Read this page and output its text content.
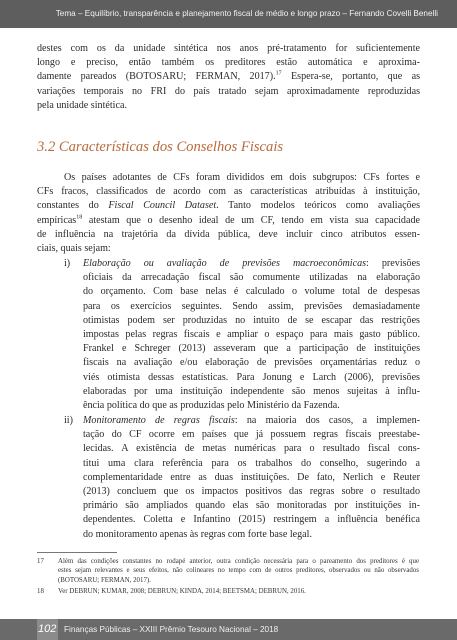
Tema – Equilíbrio, transparência e planejamento fiscal de médio e longo prazo – Fernando Covelli Benelli
destes com os da unidade sintética nos anos pré-tratamento for suficientemente
longo e preciso, então também os preditores estão automática e aproxima-
damente pareados (BOTOSARU; FERMAN, 2017).$^{17}$ Espera-se, portanto, que as
variações temporais no FRI do país tratado sejam aproximadamente reproduzidas
pela unidade sintética.
3.2 Características dos Conselhos Fiscais
Os países adotantes de CFs foram divididos em dois subgrupos: CFs fortes e
CFs fracos, classificados de acordo com as características atribuídas à instituição,
constantes do Fiscal Council Dataset. Tanto modelos teóricos como avaliações
empíricas$^{18}$ atestam que o desenho ideal de um CF, tendo em vista sua capacidade
de influência na trajetória da dívida pública, deve incluir cinco atributos essen-
ciais, quais sejam:
i) Elaboração ou avaliação de previsões macroeconômicas: previsões
oficiais da arrecadação fiscal são comumente utilizadas na elaboração
do orçamento. Com base nelas é calculado o volume total de despesas
para os exercícios seguintes. Sendo assim, previsões demasiadamente
otimistas podem ser produzidas no intuito de se escapar das restrições
impostas pelas regras fiscais e ampliar o espaço para mais gasto público.
Frankel e Schreger (2013) asseveram que a participação de instituições
fiscais na avaliação e/ou elaboração de previsões orçamentárias reduz o
viés otimista dessas estatísticas. Para Jonung e Larch (2006), previsões
elaboradas por uma instituição independente são menos sujeitas à influ-
ência política do que as produzidas pelo Ministério da Fazenda.
ii) Monitoramento de regras fiscais: na maioria dos casos, a implemen-
tação do CF ocorre em países que já possuem regras fiscais preestabe-
lecidas. A existência de metas numéricas para o resultado fiscal cons-
titui uma clara referência para os trabalhos do conselho, sugerindo a
complementaridade entre as duas instituições. De fato, Nerlich e Reuter
(2013) concluem que os impactos positivos das regras sobre o resultado
primário são ampliados quando elas são monitoradas por instituições in-
dependentes. Coletta e Infantino (2015) restringem a influência benéfica
do monitoramento apenas às regras com forte base legal.
17 Além das condições constantes no rodapé anterior, outra condição necessária para o pareamento dos preditores é que
estes sejam relevantes e seus efeitos, não colineares no tempo com de outros preditores, observados ou não observados
(BOTOSARU; FERMAN, 2017).
18 Ver DEBRUN; KUMAR, 2008; DEBRUN; KINDA, 2014; BEETSMA; DEBRUN, 2016.
102 Finanças Públicas – XXIII Prêmio Tesouro Nacional – 2018
